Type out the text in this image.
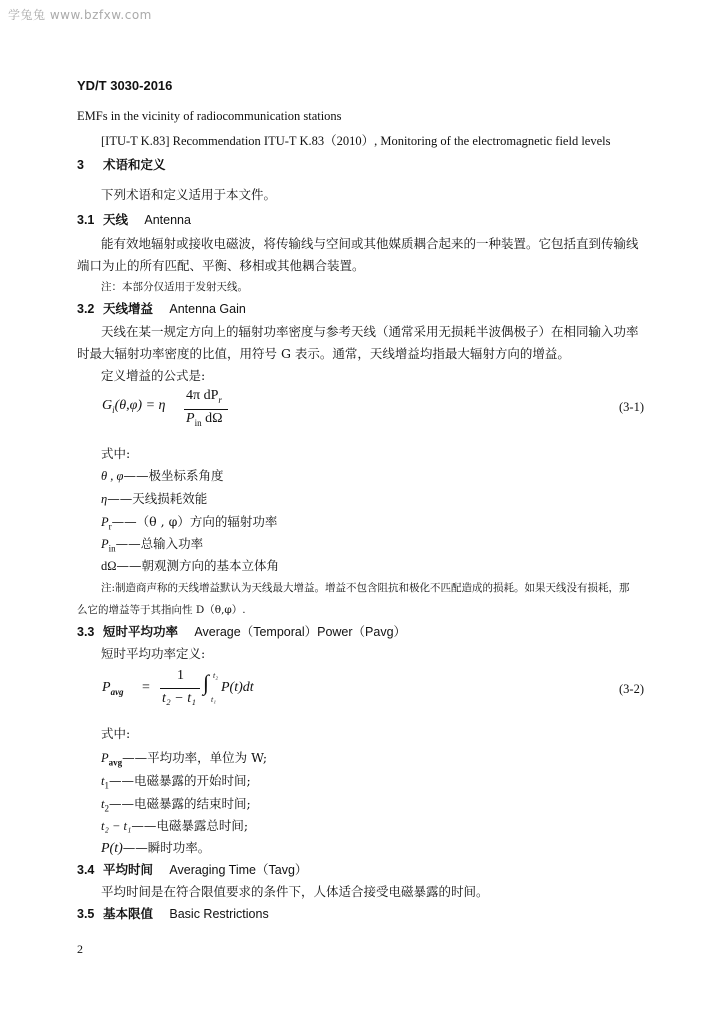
学兔兔 www.bzfxw.com
YD/T 3030-2016
EMFs in the vicinity of radiocommunication stations
[ITU-T K.83] Recommendation ITU-T K.83（2010）, Monitoring of the electromagnetic field levels
3 术语和定义
下列术语和定义适用于本文件。
3.1 天线 Antenna
能有效地辐射或接收电磁波，将传输线与空间或其他媒质耦合起来的一种装置。它包括直到传输线
端口为止的所有匹配、平衡、移相或其他耦合装置。
注：本部分仅适用于发射天线。
3.2 天线增益 Antenna Gain
天线在某一规定方向上的辐射功率密度与参考天线（通常采用无损耗半波偶极子）在相同输入功率
时最大辐射功率密度的比值，用符号 G 表示。通常，天线增益均指最大辐射方向的增益。
定义增益的公式是:
$G_i(\theta,\varphi) = \eta$
4π $dP_r$
$P_{in}$ dΩ
(3-1)
式中:
θ , φ——极坐标系角度
η——天线损耗效能
$P_r——(\theta$ , φ）方向的辐射功率
$P_{in}——$总输入功率
dΩ——朝观测方向的基本立体角
注:制造商声称的天线增益默认为天线最大增益。增益不包含阻抗和极化不匹配造成的损耗。如果天线没有损耗，那
么它的增益等于其指向性 D（θ,φ）.
3.3 短时平均功率 Average（Temporal）Power（Pavg）
短时平均功率定义:
$P_{avg}$ =
1
t₂ − t₁
∫ t₂
t₁
P(t)dt	(3-2)
式中:
$P_{avg}——$平均功率，单位为 W;
$t_1——$电磁暴露的开始时间;
$t_2——$电磁暴露的结束时间;
t₂ − t₁——电磁暴露总时间;
P(t)——瞬时功率。
3.4 平均时间 Averaging Time（Tavg）
平均时间是在符合限值要求的条件下，人体适合接受电磁暴露的时间。
3.5 基本限值 Basic Restrictions
2
